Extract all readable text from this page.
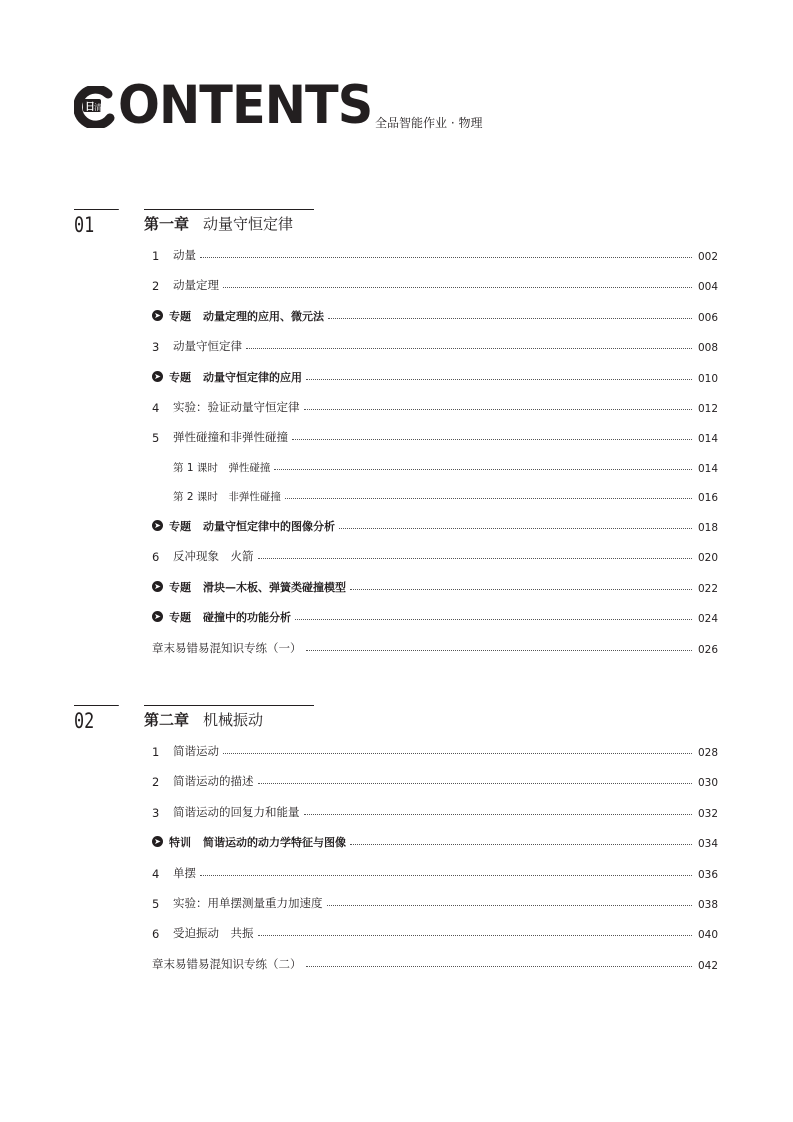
日 清 ONTENTS 全品智能作业 · 物理
01	第一章 动量守恒定律
1	动量	002
2	动量定理	004
➤ 专题 动量定理的应用、微元法	006
3	动量守恒定律	008
➤ 专题 动量守恒定律的应用	010
4	实验：验证动量守恒定律	012
5	弹性碰撞和非弹性碰撞	014
第 1 课时　弹性碰撞	014
第 2 课时　非弹性碰撞	016
➤ 专题 动量守恒定律中的图像分析	018
6	反冲现象　火箭	020
➤ 专题 滑块—木板、弹簧类碰撞模型	022
➤ 专题 碰撞中的功能分析	024
章末易错易混知识专练（一）	026
02	第二章 机械振动
1	简谐运动	028
2	简谐运动的描述	030
3	简谐运动的回复力和能量	032
➤ 特训 简谐运动的动力学特征与图像	034
4	单摆	036
5	实验：用单摆测量重力加速度	038
6	受迫振动　共振	040
章末易错易混知识专练（二）	042
